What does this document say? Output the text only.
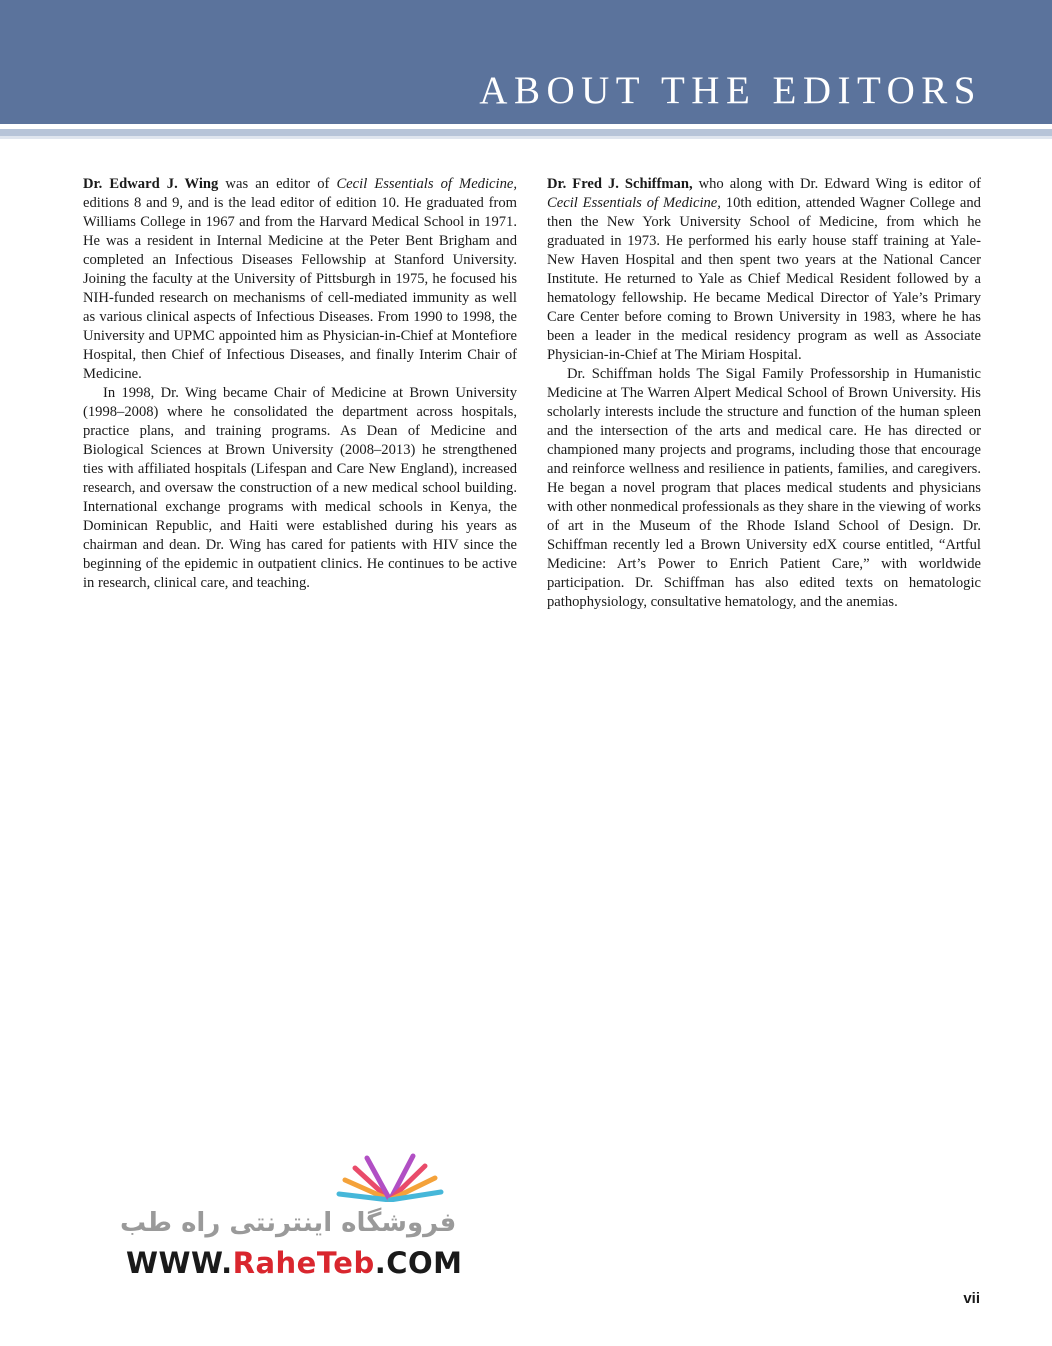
ABOUT THE EDITORS

Dr. Edward J. Wing was an editor of Cecil Essentials of Medicine, editions 8 and 9, and is the lead editor of edition 10. He graduated from Williams College in 1967 and from the Harvard Medical School in 1971. He was a resident in Internal Medicine at the Peter Bent Brigham and completed an Infectious Diseases Fellowship at Stanford University. Joining the faculty at the University of Pittsburgh in 1975, he focused his NIH-funded research on mechanisms of cell-mediated immunity as well as various clinical aspects of Infectious Diseases. From 1990 to 1998, the University and UPMC appointed him as Physician-in-Chief at Montefiore Hospital, then Chief of Infectious Diseases, and finally Interim Chair of Medicine.

In 1998, Dr. Wing became Chair of Medicine at Brown University (1998–2008) where he consolidated the department across hospitals, practice plans, and training programs. As Dean of Medicine and Biological Sciences at Brown University (2008–2013) he strengthened ties with affiliated hospitals (Lifespan and Care New England), increased research, and oversaw the construction of a new medical school building. International exchange programs with medical schools in Kenya, the Dominican Republic, and Haiti were established during his years as chairman and dean. Dr. Wing has cared for patients with HIV since the beginning of the epidemic in outpatient clinics. He continues to be active in research, clinical care, and teaching.

Dr. Fred J. Schiffman, who along with Dr. Edward Wing is editor of Cecil Essentials of Medicine, 10th edition, attended Wagner College and then the New York University School of Medicine, from which he graduated in 1973. He performed his early house staff training at Yale-New Haven Hospital and then spent two years at the National Cancer Institute. He returned to Yale as Chief Medical Resident followed by a hematology fellowship. He became Medical Director of Yale’s Primary Care Center before coming to Brown University in 1983, where he has been a leader in the medical residency program as well as Associate Physician-in-Chief at The Miriam Hospital.

Dr. Schiffman holds The Sigal Family Professorship in Humanistic Medicine at The Warren Alpert Medical School of Brown University. His scholarly interests include the structure and function of the human spleen and the intersection of the arts and medical care. He has directed or championed many projects and programs, including those that encourage and reinforce wellness and resilience in patients, families, and caregivers. He began a novel program that places medical students and physicians with other nonmedical professionals as they share in the viewing of works of art in the Museum of the Rhode Island School of Design. Dr. Schiffman recently led a Brown University edX course entitled, “Artful Medicine: Art’s Power to Enrich Patient Care,” with worldwide participation. Dr. Schiffman has also edited texts on hematologic pathophysiology, consultative hematology, and the anemias.

فروشگاه اینترنتی راه طب
WWW.RaheTeb.COM
vii
